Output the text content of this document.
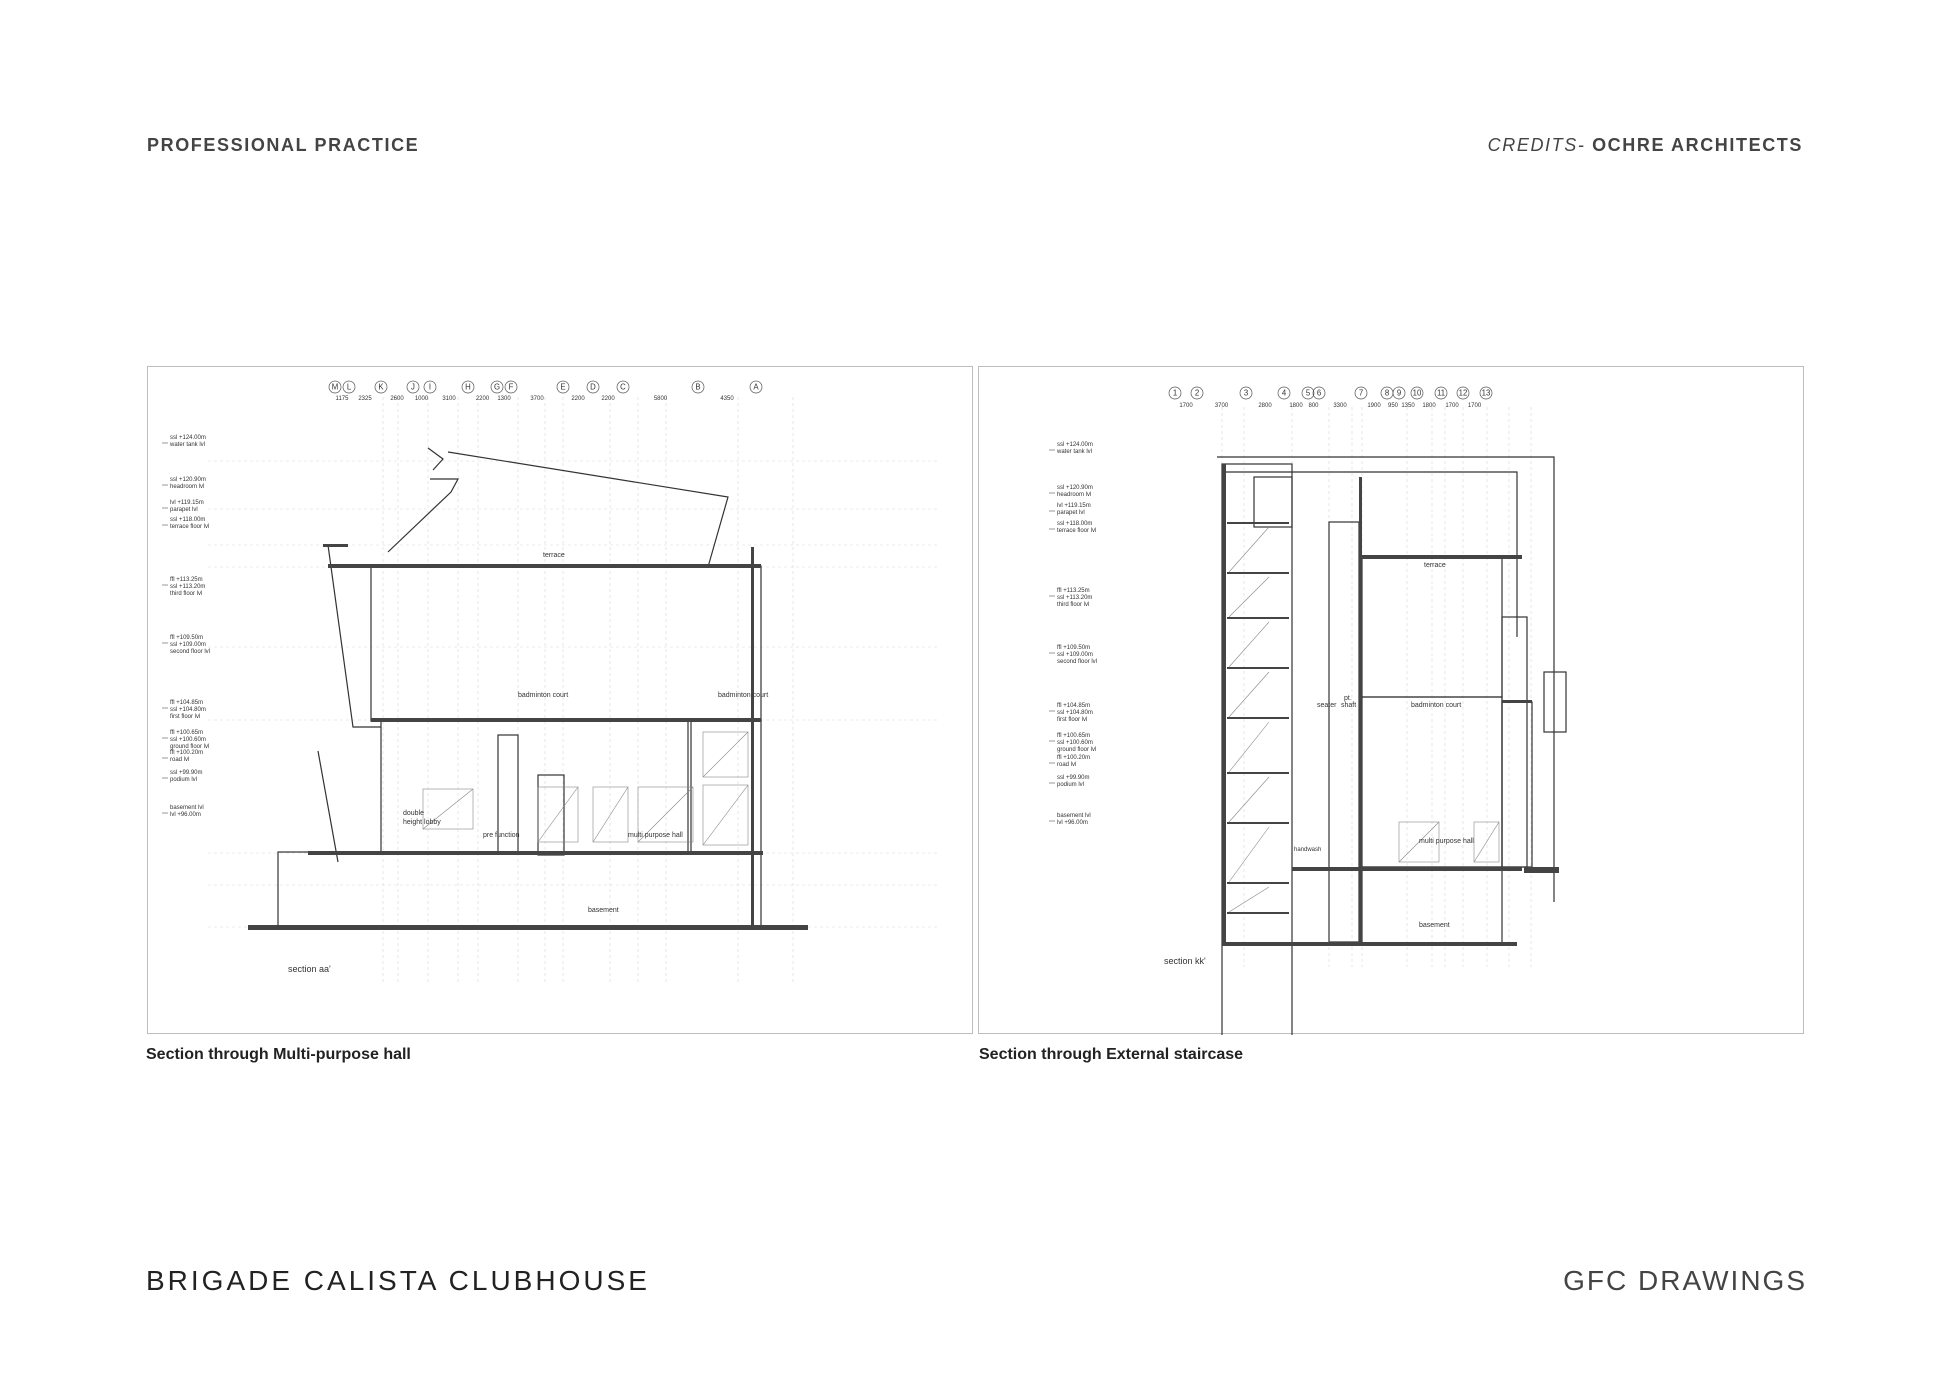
PROFESSIONAL PRACTICE	CREDITS- OCHRE ARCHITECTS
M L	K	J I	H	G F	E	D	C	B	A
1175 2325	2600 1000 3100	2200 1300	3700	2200	2200	5800	4350
ssl +124.00m
water tank lvl
ssl +120.90m
headroom lvl
lvl +119.15m
parapet lvl
ssl +118.00m
terrace floor lvl
ffl +113.25m
ssl +113.20m
third floor lvl
ffl +109.50m
ssl +109.00m
second floor lvl
ffl +104.85m
ssl +104.80m
first floor lvl
ffl +100.65m
ssl +100.60m
ground floor lvl
ffl +100.20m
road lvl
ssl +99.90m
podium lvl
basement lvl
lvl +96.00m
terrace
badminton court	badminton court
double
height lobby
pre function	multi purpose hall
basement
section aa'
1 2	3	4	5 6	7	8 9 10 11 12 13
1700	3700	2800	1800 800 3300	1900 950 1350 1800 1700 1700
ssl +124.00m
water tank lvl
ssl +120.90m
headroom lvl
lvl +119.15m
parapet lvl
ssl +118.00m
terrace floor lvl
ffl +113.25m
ssl +113.20m
third floor lvl
ffl +109.50m
ssl +109.00m
second floor lvl
ffl +104.85m
ssl +104.80m
first floor lvl
ffl +100.65m
ssl +100.60m
ground floor lvl
ffl +100.20m
road lvl
ssl +99.90m
podium lvl
basement lvl
lvl +96.00m
terrace
badminton court
seater
pt.
shaft
handwash
multi purpose hall
basement
section kk'
Section through Multi-purpose hall	Section through External staircase
BRIGADE CALISTA CLUBHOUSE	GFC DRAWINGS
